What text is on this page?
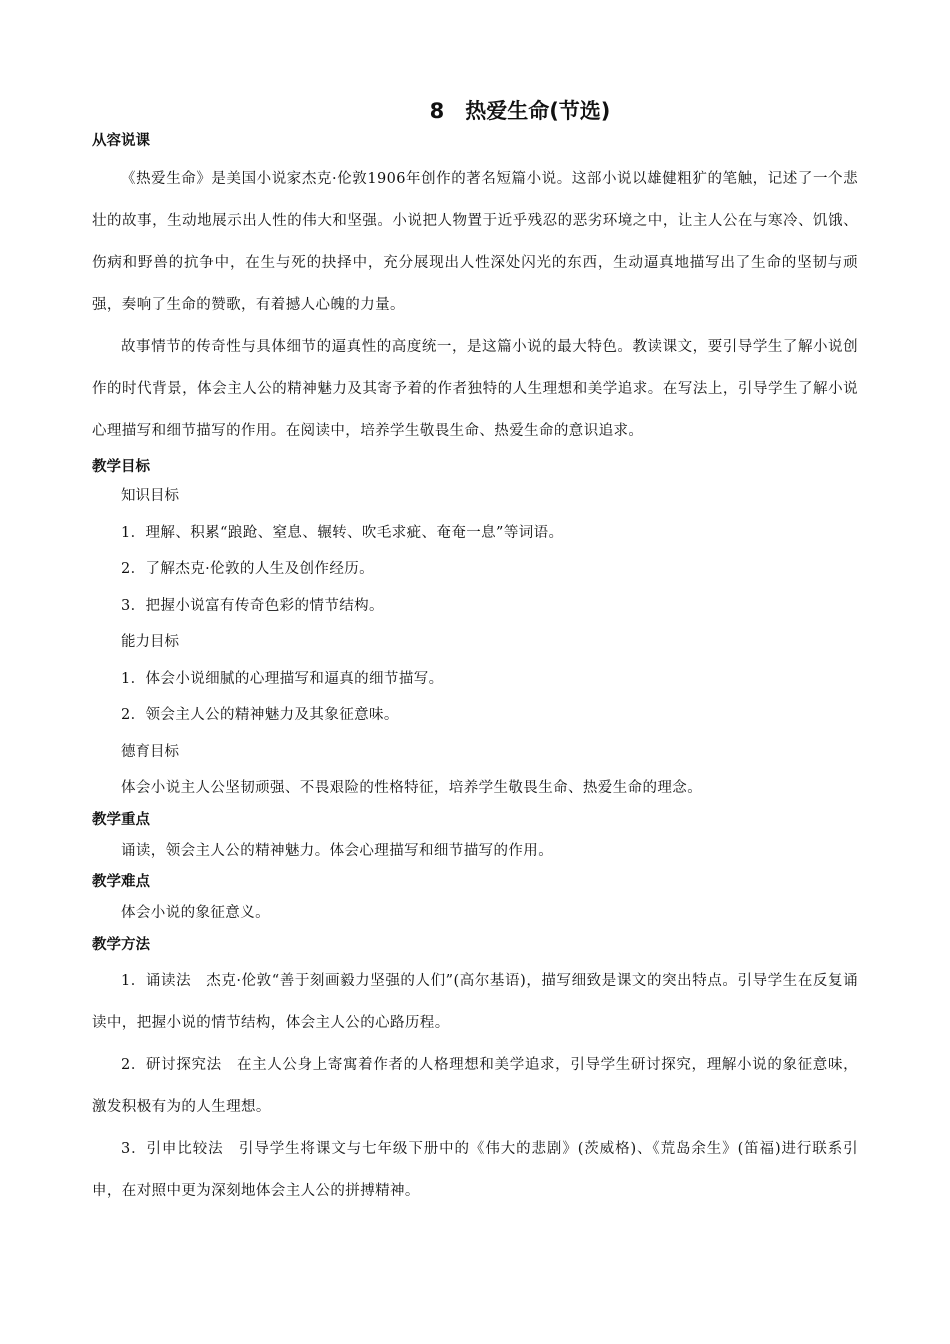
8　热爱生命(节选)
从容说课

《热爱生命》是美国小说家杰克·伦敦1906年创作的著名短篇小说。这部小说以雄健粗犷的笔触，记述了一个悲壮的故事，生动地展示出人性的伟大和坚强。小说把人物置于近乎残忍的恶劣环境之中，让主人公在与寒冷、饥饿、伤病和野兽的抗争中，在生与死的抉择中，充分展现出人性深处闪光的东西，生动逼真地描写出了生命的坚韧与顽强，奏响了生命的赞歌，有着撼人心魄的力量。

故事情节的传奇性与具体细节的逼真性的高度统一，是这篇小说的最大特色。教读课文，要引导学生了解小说创作的时代背景，体会主人公的精神魅力及其寄予着的作者独特的人生理想和美学追求。在写法上，引导学生了解小说心理描写和细节描写的作用。在阅读中，培养学生敬畏生命、热爱生命的意识追求。

教学目标
知识目标

1．理解、积累“踉跄、窒息、辗转、吹毛求疵、奄奄一息”等词语。

2．了解杰克·伦敦的人生及创作经历。

3．把握小说富有传奇色彩的情节结构。

能力目标

1．体会小说细腻的心理描写和逼真的细节描写。

2．领会主人公的精神魅力及其象征意味。

德育目标

体会小说主人公坚韧顽强、不畏艰险的性格特征，培养学生敬畏生命、热爱生命的理念。

教学重点

诵读，领会主人公的精神魅力。体会心理描写和细节描写的作用。

教学难点

体会小说的象征意义。

教学方法

1．诵读法　杰克·伦敦“善于刻画毅力坚强的人们”(高尔基语)，描写细致是课文的突出特点。引导学生在反复诵读中，把握小说的情节结构，体会主人公的心路历程。

2．研讨探究法　在主人公身上寄寓着作者的人格理想和美学追求，引导学生研讨探究，理解小说的象征意味，激发积极有为的人生理想。

3．引申比较法　引导学生将课文与七年级下册中的《伟大的悲剧》(茨威格)、《荒岛余生》(笛福)进行联系引申，在对照中更为深刻地体会主人公的拼搏精神。
